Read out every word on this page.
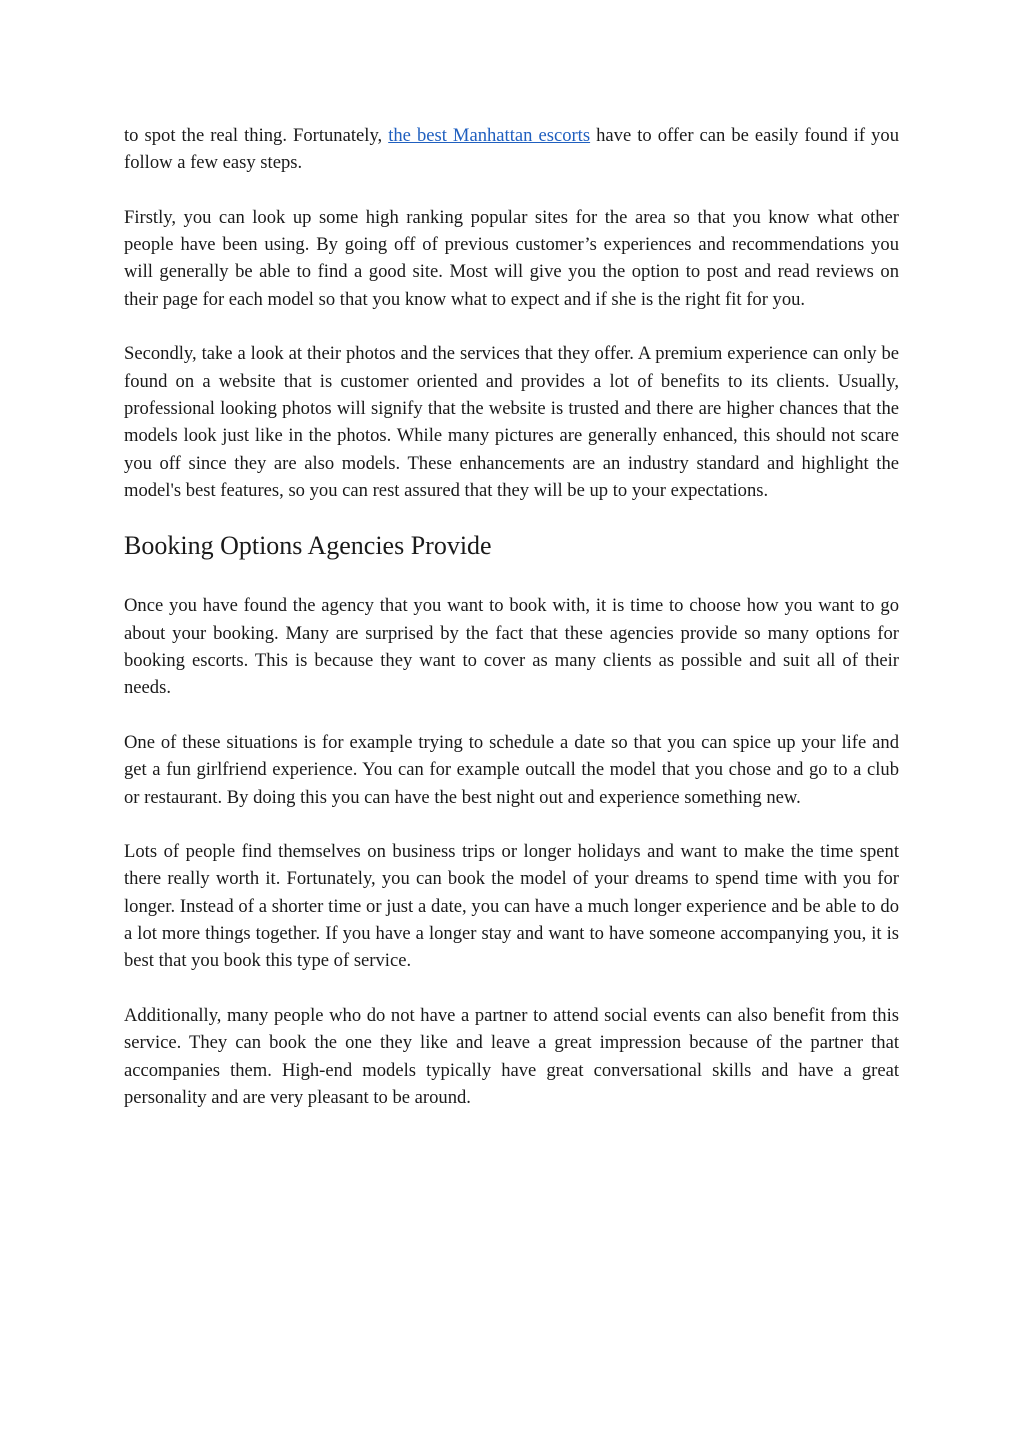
to spot the real thing. Fortunately, the best Manhattan escorts have to offer can be easily found if you follow a few easy steps.

Firstly, you can look up some high ranking popular sites for the area so that you know what other people have been using. By going off of previous customer’s experiences and recommendations you will generally be able to find a good site. Most will give you the option to post and read reviews on their page for each model so that you know what to expect and if she is the right fit for you.

Secondly, take a look at their photos and the services that they offer. A premium experience can only be found on a website that is customer oriented and provides a lot of benefits to its clients. Usually, professional looking photos will signify that the website is trusted and there are higher chances that the models look just like in the photos. While many pictures are generally enhanced, this should not scare you off since they are also models. These enhancements are an industry standard and highlight the model's best features, so you can rest assured that they will be up to your expectations.

Booking Options Agencies Provide

Once you have found the agency that you want to book with, it is time to choose how you want to go about your booking. Many are surprised by the fact that these agencies provide so many options for booking escorts. This is because they want to cover as many clients as possible and suit all of their needs.

One of these situations is for example trying to schedule a date so that you can spice up your life and get a fun girlfriend experience. You can for example outcall the model that you chose and go to a club or restaurant. By doing this you can have the best night out and experience something new.

Lots of people find themselves on business trips or longer holidays and want to make the time spent there really worth it. Fortunately, you can book the model of your dreams to spend time with you for longer. Instead of a shorter time or just a date, you can have a much longer experience and be able to do a lot more things together. If you have a longer stay and want to have someone accompanying you, it is best that you book this type of service.

Additionally, many people who do not have a partner to attend social events can also benefit from this service. They can book the one they like and leave a great impression because of the partner that accompanies them. High-end models typically have great conversational skills and have a great personality and are very pleasant to be around.
